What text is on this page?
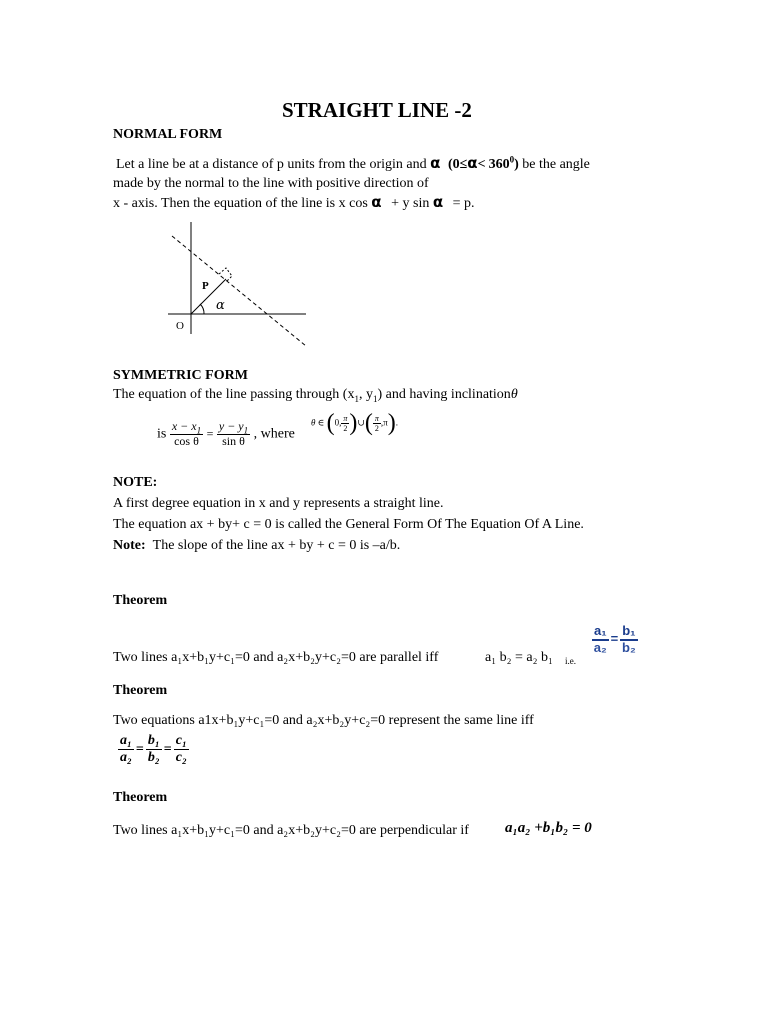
STRAIGHT LINE -2
NORMAL FORM
Let a line be at a distance of p units from the origin and α $(0\le\alpha< 360^0)$ be the angle
made by the normal to the line with positive direction of
x - axis. Then the equation of the line is x cos α + y sin α = p.
P
α
O
SYMMETRIC FORM
The equation of the line passing through ($x_1$, $y_1$) and having inclinationθ
is $\frac{x - x_1}{\text{cos θ}} = \frac{y - y_1}{\text{sin θ}}$ , where
θ ∈ (0, $\frac{\pi}{2}$ )∪( $\frac{\pi}{2} ,\pi$).
NOTE:
A first degree equation in x and y represents a straight line.
The equation ax + by+ c = 0 is called the General Form Of The Equation Of A Line.
Note: The slope of the line ax + by + c = 0 is –a/b.
Theorem
Two lines a₁x+b₁y+c₁=0 and a₂x+b₂y+c₂=0 are parallel iff	a₁ b₂ = a₂ b₁ i.e.
$\frac{\text{a₁}}{\text{a₂}} = \frac{\text{b₁}}{\text{b₂}}$
Theorem
Two equations a1x+b₁y+c₁=0 and a₂x+b₂y+c₂=0 represent the same line iff
$\frac{\text{a₁}}{\text{a₂}} = \frac{\text{b₁}}{\text{b₂}} = \frac{\text{c₁}}{\text{c₂}}$
Theorem
Two lines a₁x+b₁y+c₁=0 and a₂x+b₂y+c₂=0 are perpendicular if a₁a₂ +b₁b₂ = 0
